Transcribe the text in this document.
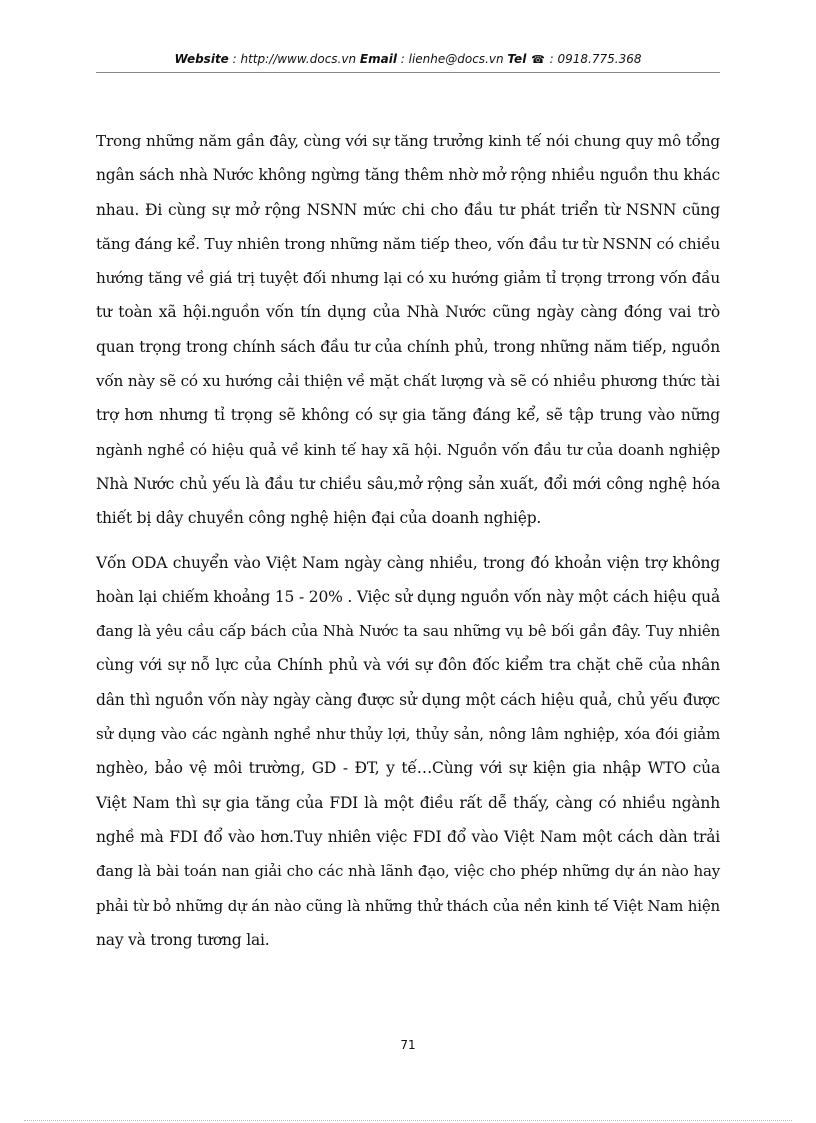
Website : http://www.docs.vn Email : lienhe@docs.vn Tel ☎ : 0918.775.368
Trong những năm gần đây, cùng với sự tăng trưởng kinh tế nói chung quy mô tổng
ngân sách nhà Nước không ngừng tăng thêm nhờ mở rộng nhiều nguồn thu khác
nhau. Đi cùng sự mở rộng NSNN mức chi cho đầu tư phát triển từ NSNN cũng
tăng đáng kể. Tuy nhiên trong những năm tiếp theo, vốn đầu tư từ NSNN có chiều
hướng tăng về giá trị tuyệt đối nhưng lại có xu hướng giảm tỉ trọng trrong vốn đầu
tư toàn xã hội.nguồn vốn tín dụng của Nhà Nước cũng ngày càng đóng vai trò
quan trọng trong chính sách đầu tư của chính phủ, trong những năm tiếp, nguồn
vốn này sẽ có xu hướng cải thiện về mặt chất lượng và sẽ có nhiều phương thức tài
trợ hơn nhưng tỉ trọng sẽ không có sự gia tăng đáng kể, sẽ tập trung vào nững
ngành nghề có hiệu quả về kinh tế hay xã hội. Nguồn vốn đầu tư của doanh nghiệp
Nhà Nước chủ yếu là đầu tư chiều sâu,mở rộng sản xuất, đổi mới công nghệ hóa
thiết bị dây chuyền công nghệ hiện đại của doanh nghiệp.
Vốn ODA chuyển vào Việt Nam ngày càng nhiều, trong đó khoản viện trợ không
hoàn lại chiếm khoảng 15 - 20% . Việc sử dụng nguồn vốn này một cách hiệu quả
đang là yêu cầu cấp bách của Nhà Nước ta sau những vụ bê bối gần đây. Tuy nhiên
cùng với sự nỗ lực của Chính phủ và với sự đôn đốc kiểm tra chặt chẽ của nhân
dân thì nguồn vốn này ngày càng được sử dụng một cách hiệu quả, chủ yếu được
sử dụng vào các ngành nghề như thủy lợi, thủy sản, nông lâm nghiệp, xóa đói giảm
nghèo, bảo vệ môi trường, GD - ĐT, y tế…Cùng với sự kiện gia nhập WTO của
Việt Nam thì sự gia tăng của FDI là một điều rất dễ thấy, càng có nhiều ngành
nghề mà FDI đổ vào hơn.Tuy nhiên việc FDI đổ vào Việt Nam một cách dàn trải
đang là bài toán nan giải cho các nhà lãnh đạo, việc cho phép những dự án nào hay
phải từ bỏ những dự án nào cũng là những thử thách của nền kinh tế Việt Nam hiện
nay và trong tương lai.
71
